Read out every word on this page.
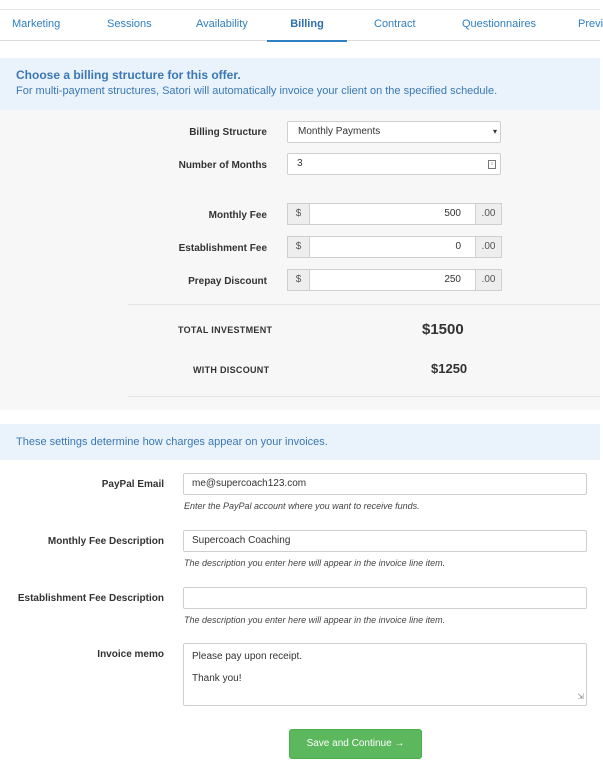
Marketing	Sessions	Availability	Billing	Contract	Questionnaires	Previ
Choose a billing structure for this offer.
For multi-payment structures, Satori will automatically invoice your client on the specified schedule.
Billing Structure	Monthly Payments	▾
Number of Months	3	↕
Monthly Fee	$	500	.00
Establishment Fee	$	0	.00
Prepay Discount	$	250	.00
TOTAL INVESTMENT	$1500
WITH DISCOUNT	$1250
These settings determine how charges appear on your invoices.
PayPal Email	me@supercoach123.com
Enter the PayPal account where you want to receive funds.
Monthly Fee Description	Supercoach Coaching
The description you enter here will appear in the invoice line item.
Establishment Fee Description
The description you enter here will appear in the invoice line item.
Invoice memo	Please pay upon receipt.
Thank you!
⇲
Save and Continue →
